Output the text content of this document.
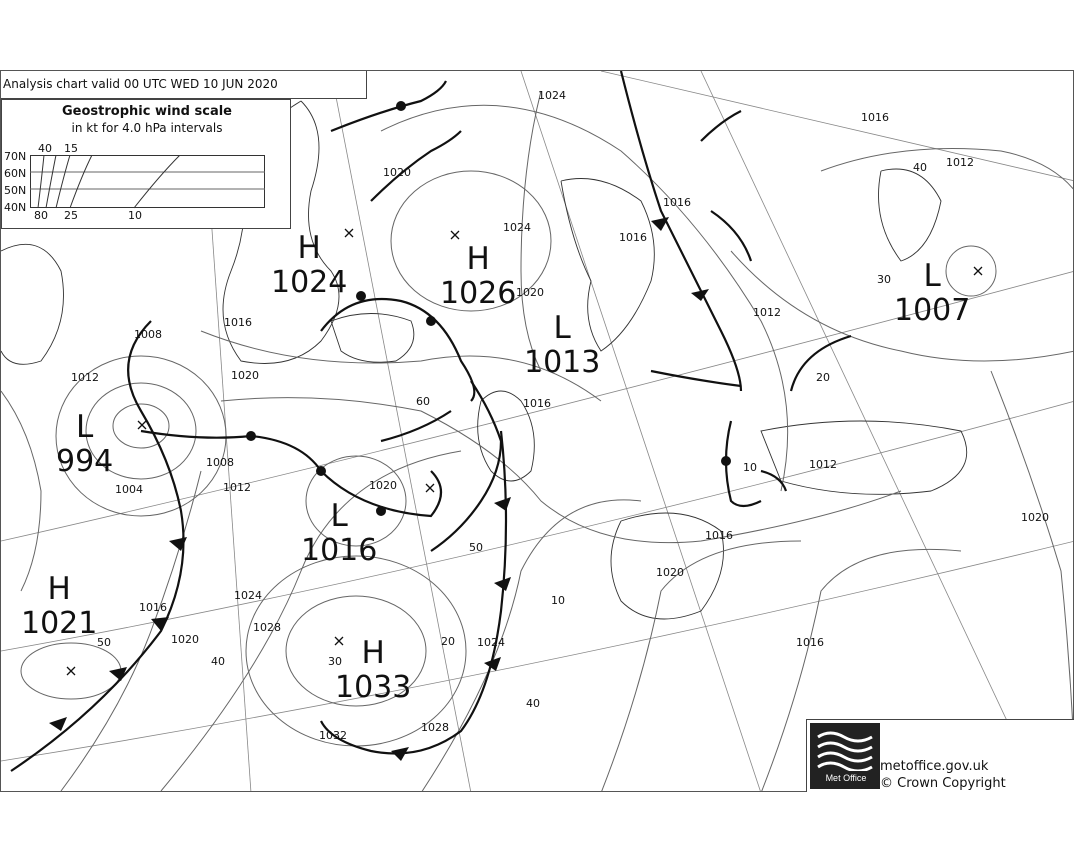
1024
1016
1020
1024
1020
1016
1012
1012
40
1016
30
1008
1012
1016
1020
60	1016
1008
1004	1012	1020
1016
1020
1024
1028
1020
10	1012
1016
20
50
1016
10
1020
40	30
20 1024
1028
1032
40
50
H
1024
H
1026
L
1013
L
1007
L
994
L
1016
H
1021
H
1033
Analysis chart valid 00 UTC WED 10 JUN 2020
Geostrophic wind scale
in kt for 4.0 hPa intervals
40 15
70N
60N
50N
40N
80 25	10
Met Office
metoffice.gov.uk
© Crown Copyright
